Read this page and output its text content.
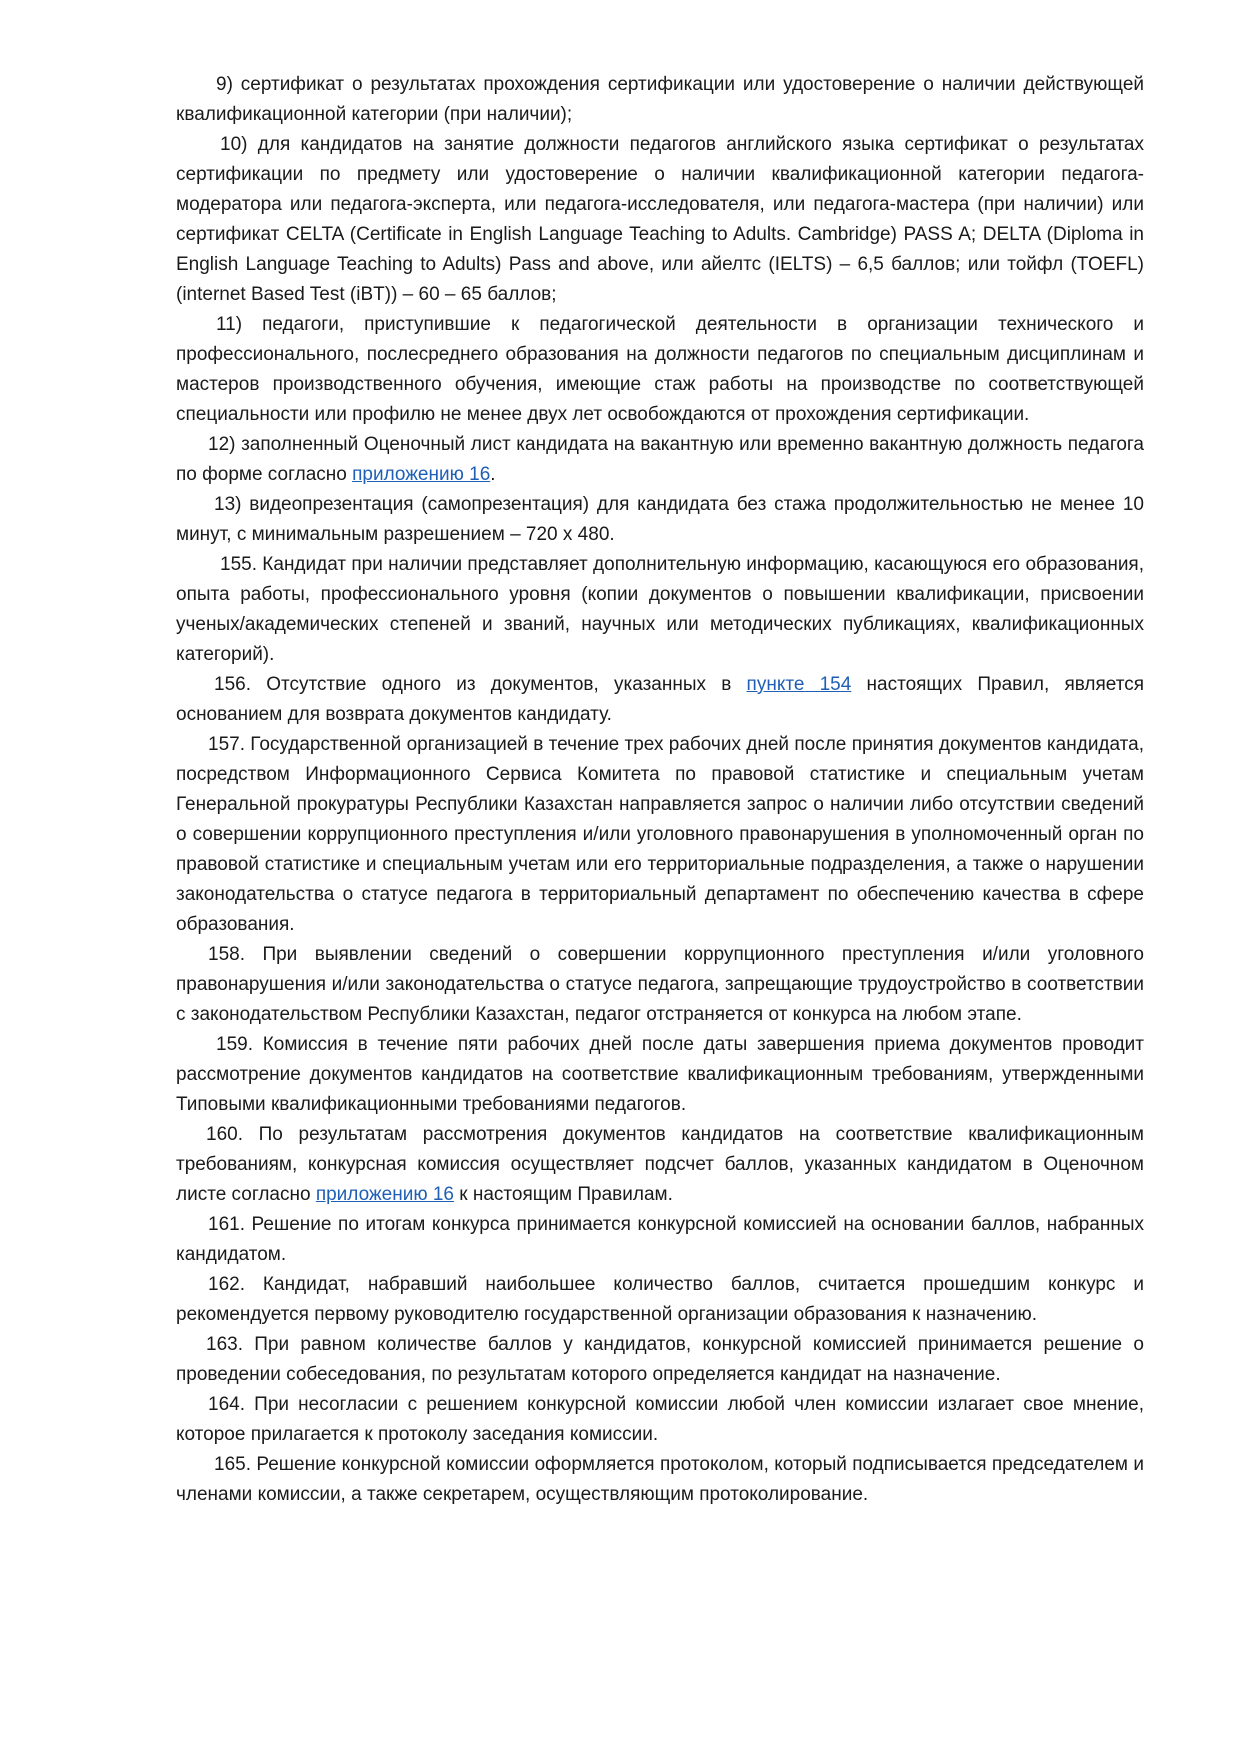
9) сертификат о результатах прохождения сертификации или удостоверение о наличии действующей квалификационной категории (при наличии);

10) для кандидатов на занятие должности педагогов английского языка сертификат о результатах сертификации по предмету или удостоверение о наличии квалификационной категории педагога-модератора или педагога-эксперта, или педагога-исследователя, или педагога-мастера (при наличии) или сертификат CELTA (Certificate in English Language Teaching to Adults. Cambridge) PASS A; DELTA (Diploma in English Language Teaching to Adults) Pass and above, или айелтс (IELTS) – 6,5 баллов; или тойфл (TOEFL) (internet Based Test (iBT)) – 60 – 65 баллов;

11) педагоги, приступившие к педагогической деятельности в организации технического и профессионального, послесреднего образования на должности педагогов по специальным дисциплинам и мастеров производственного обучения, имеющие стаж работы на производстве по соответствующей специальности или профилю не менее двух лет освобождаются от прохождения сертификации.

12) заполненный Оценочный лист кандидата на вакантную или временно вакантную должность педагога по форме согласно приложению 16.

13) видеопрезентация (самопрезентация) для кандидата без стажа продолжительностью не менее 10 минут, с минимальным разрешением – 720 х 480.

155. Кандидат при наличии представляет дополнительную информацию, касающуюся его образования, опыта работы, профессионального уровня (копии документов о повышении квалификации, присвоении ученых/академических степеней и званий, научных или методических публикациях, квалификационных категорий).

156. Отсутствие одного из документов, указанных в пункте 154 настоящих Правил, является основанием для возврата документов кандидату.

157. Государственной организацией в течение трех рабочих дней после принятия документов кандидата, посредством Информационного Сервиса Комитета по правовой статистике и специальным учетам Генеральной прокуратуры Республики Казахстан направляется запрос о наличии либо отсутствии сведений о совершении коррупционного преступления и/или уголовного правонарушения в уполномоченный орган по правовой статистике и специальным учетам или его территориальные подразделения, а также о нарушении законодательства о статусе педагога в территориальный департамент по обеспечению качества в сфере образования.

158. При выявлении сведений о совершении коррупционного преступления и/или уголовного правонарушения и/или законодательства о статусе педагога, запрещающие трудоустройство в соответствии с законодательством Республики Казахстан, педагог отстраняется от конкурса на любом этапе.

159. Комиссия в течение пяти рабочих дней после даты завершения приема документов проводит рассмотрение документов кандидатов на соответствие квалификационным требованиям, утвержденными Типовыми квалификационными требованиями педагогов.

160. По результатам рассмотрения документов кандидатов на соответствие квалификационным требованиям, конкурсная комиссия осуществляет подсчет баллов, указанных кандидатом в Оценочном листе согласно приложению 16 к настоящим Правилам.

161. Решение по итогам конкурса принимается конкурсной комиссией на основании баллов, набранных кандидатом.

162. Кандидат, набравший наибольшее количество баллов, считается прошедшим конкурс и рекомендуется первому руководителю государственной организации образования к назначению.

163. При равном количестве баллов у кандидатов, конкурсной комиссией принимается решение о проведении собеседования, по результатам которого определяется кандидат на назначение.

164. При несогласии с решением конкурсной комиссии любой член комиссии излагает свое мнение, которое прилагается к протоколу заседания комиссии.

165. Решение конкурсной комиссии оформляется протоколом, который подписывается председателем и членами комиссии, а также секретарем, осуществляющим протоколирование.
